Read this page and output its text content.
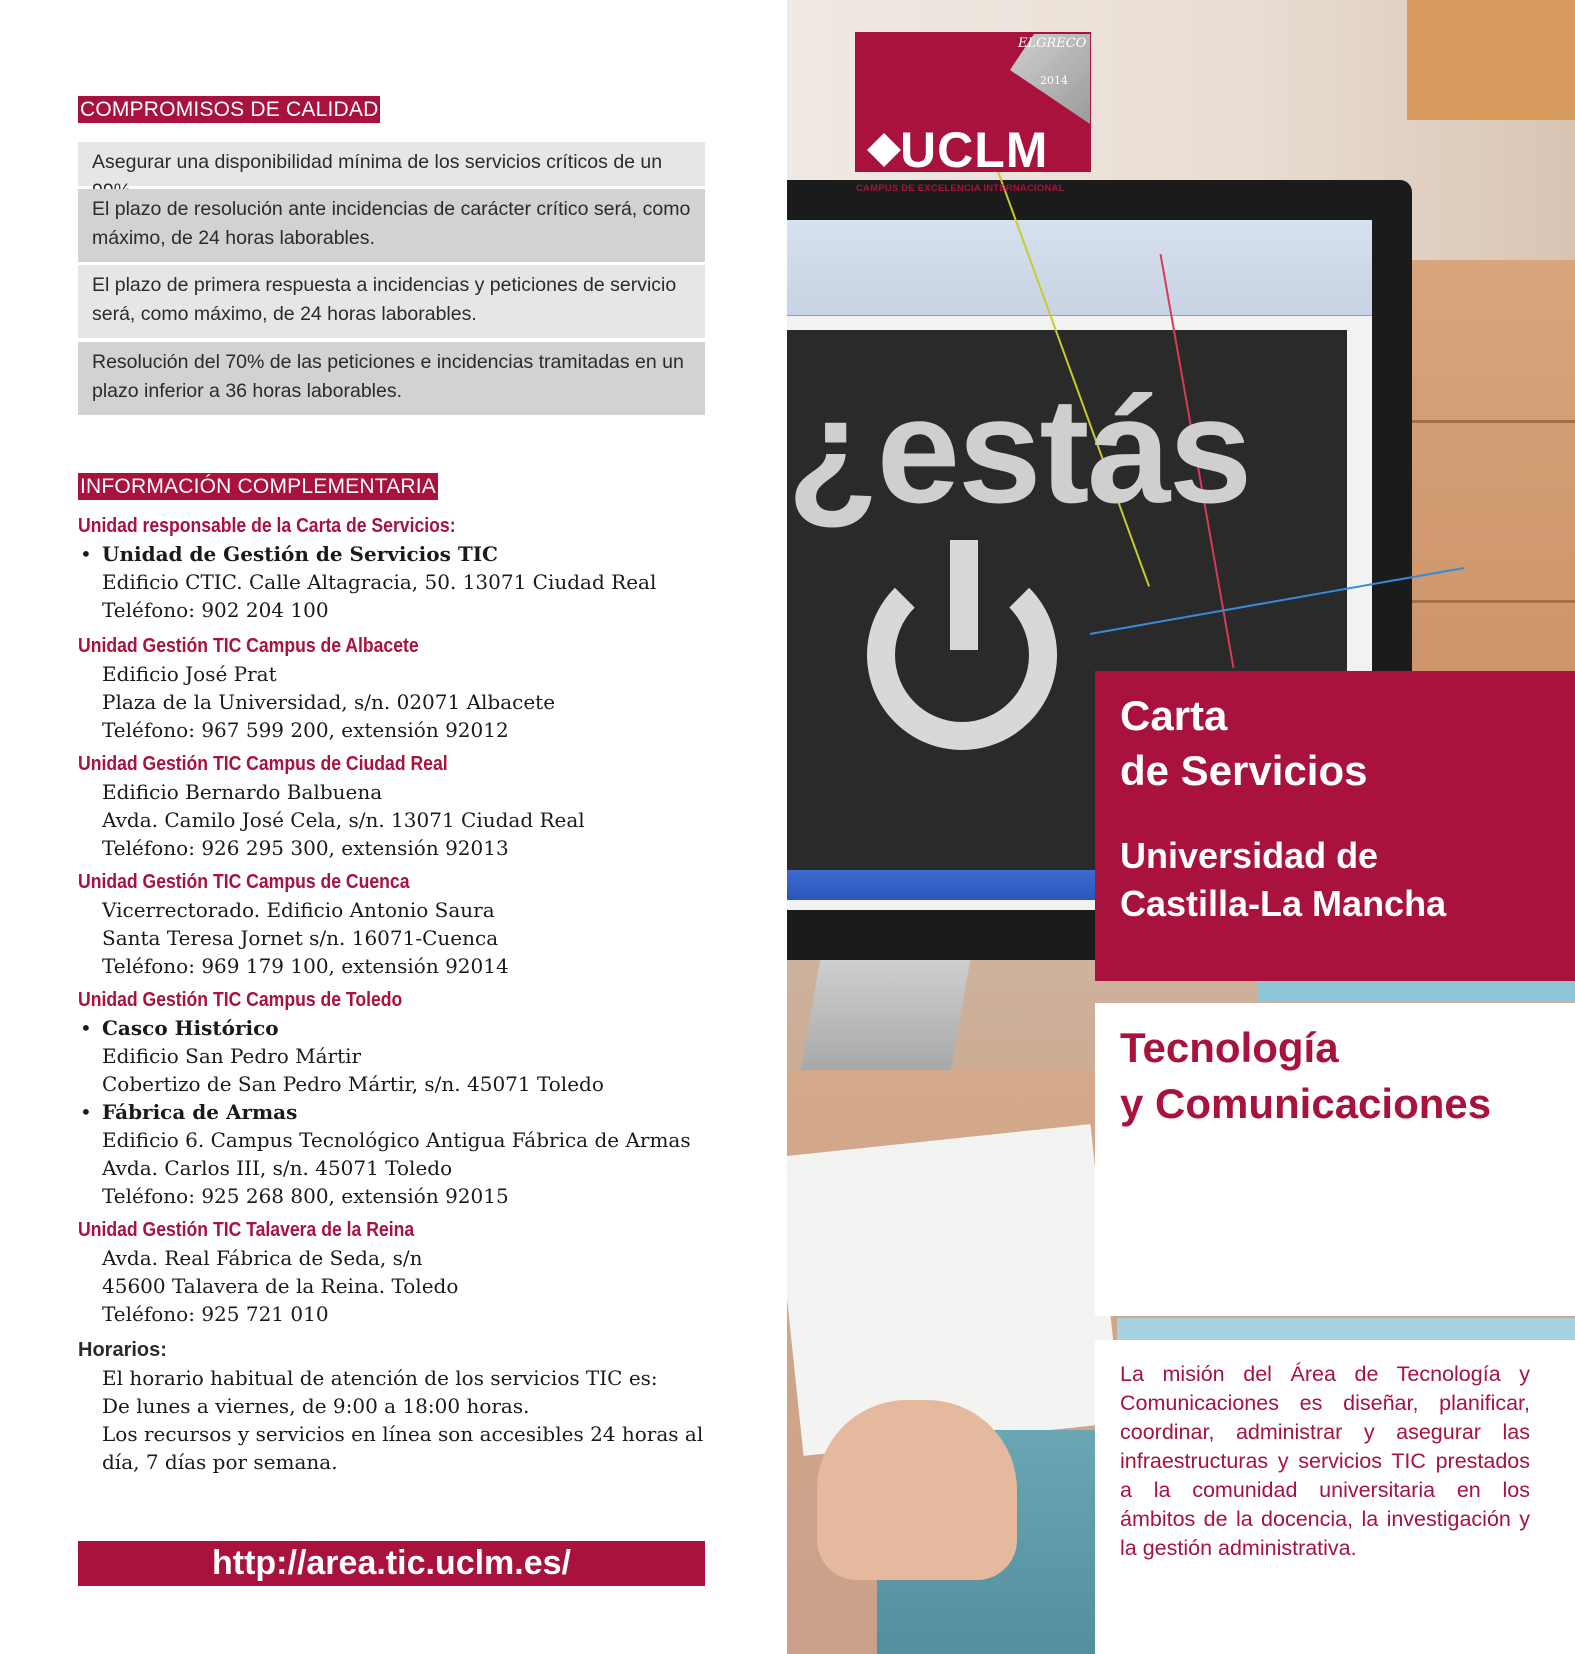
COMPROMISOS DE CALIDAD
Asegurar una disponibilidad mínima de los servicios críticos de un
El plazo de resolución ante incidencias de carácter crítico será, como máximo, de 24 horas laborables.
El plazo de primera respuesta a incidencias y peticiones de servicio será, como máximo, de 24 horas laborables.
Resolución del 70% de las peticiones e incidencias tramitadas en un plazo inferior a 36 horas laborables.
INFORMACIÓN COMPLEMENTARIA
Unidad responsable de la Carta de Servicios:
• Unidad de Gestión de Servicios TIC
Edificio CTIC. Calle Altagracia, 50. 13071 Ciudad Real
Teléfono: 902 204 100
Unidad Gestión TIC Campus de Albacete
Edificio José Prat
Plaza de la Universidad, s/n. 02071 Albacete
Teléfono: 967 599 200, extensión 92012
Unidad Gestión TIC Campus de Ciudad Real
Edificio Bernardo Balbuena
Avda. Camilo José Cela, s/n. 13071 Ciudad Real
Teléfono: 926 295 300, extensión 92013
Unidad Gestión TIC Campus de Cuenca
Vicerrectorado. Edificio Antonio Saura
Santa Teresa Jornet s/n. 16071-Cuenca
Teléfono: 969 179 100, extensión 92014
Unidad Gestión TIC Campus de Toledo
• Casco Histórico
Edificio San Pedro Mártir
Cobertizo de San Pedro Mártir, s/n. 45071 Toledo
• Fábrica de Armas
Edificio 6. Campus Tecnológico Antigua Fábrica de Armas
Avda. Carlos III, s/n. 45071 Toledo
Teléfono: 925 268 800, extensión 92015
Unidad Gestión TIC Talavera de la Reina
Avda. Real Fábrica de Seda, s/n
45600 Talavera de la Reina. Toledo
Teléfono: 925 721 010
Horarios:
El horario habitual de atención de los servicios TIC es:
De lunes a viernes, de 9:00 a 18:00 horas.
Los recursos y servicios en línea son accesibles 24 horas al día, 7 días por semana.
http://area.tic.uclm.es/
¿estás
ELGRECO
2014
UCLM
CAMPUS DE EXCELENCIA INTERNACIONAL
Carta
de Servicios
Universidad de
Castilla-La Mancha
Tecnología
y Comunicaciones
La misión del Área de Tecnología y Comunicaciones es diseñar, planificar, coordinar, administrar y asegurar las infraestructuras y servicios TIC prestados a la comunidad universitaria en los ámbitos de la docencia, la investigación y la gestión administrativa.
